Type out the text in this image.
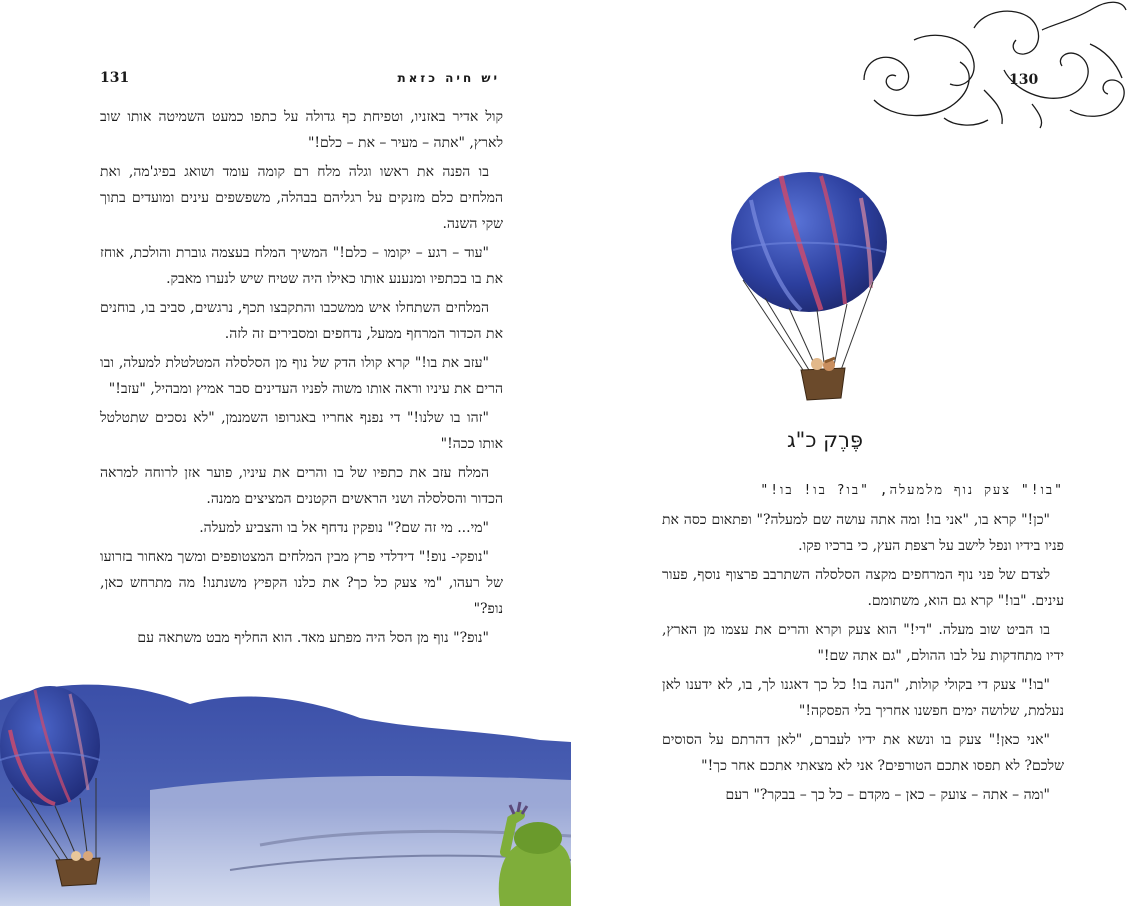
131	יש חיה כזאת

קול אדיר באזניו, וטפיחת כף גדולה על כתפו כמעט השמיטה אותו שוב לארץ, "אתה – מעיר – את – כלם!"

בו הפנה את ראשו וגלה מלח רם קומה עומד ושואג בפיג'מה, ואת המלחים כלם מזנקים על רגליהם בבהלה, משפשפים עינים ומועדים בתוך שקי השנה.

"עוד – רגע – יקומו – כלם!" המשיך המלח בעצמה גוברת והולכת, אוחז את בו בכתפיו ומנענע אותו כאילו היה שטיח שיש לנערו מאבק.

המלחים השתחלו איש ממשכבו והתקבצו תכף, נרגשים, סביב בו, בוחנים את הכדור המרחף ממעל, נדחפים ומסבירים זה לזה.

"עזב את בו!" קרא קולו הדק של נוף מן הסלסלה המטלטלת למעלה, ובו הרים את עיניו וראה אותו משוה לפניו העדינים סבר אמיץ ומבהיל, "עזב!"

"זהו בו שלנו!" די נפנף אחריו באגרופו השמנמן, "לא נסכים שתטלטל אותו ככה!"

המלח עזב את כתפיו של בו והרים את עיניו, פוער אזן לרוחה למראה הכדור והסלסלה ושני הראשים הקטנים המציצים ממנה.

"מי... מי זה שם?" נופקין נדחף אל בו והצביע למעלה.

"נופקי- נופ!" דידלדי פרץ מבין המלחים המצטופפים ומשך מאחור בזרועו של רעהו, "מי צעק כל כך? את כלנו הקפיץ משנתנו! מה מתרחש כאן, נופ?"

"נופ?" נוף מן הסל היה מפתע מאד. הוא החליף מבט משתאה עם

130
פֶּרֶק כ"ג

"בו!" צעק נוף מלמעלה, "בו? בו! בו!"

"כן!" קרא בו, "אני בו! ומה אתה עושה שם למעלה?" ופתאום כסה את פניו בידיו ונפל לישב על רצפת העץ, כי ברכיו פקו.

לצדם של פני נוף המרחפים מקצה הסלסלה השתרבב פרצוף נוסף, פעור עינים. "בו!" קרא גם הוא, משתומם.

בו הביט שוב מעלה. "די!" הוא צעק וקרא והרים את עצמו מן הארץ, ידיו מתחדקות על לבו ההולם, "גם אתה שם!"

"בו!" צעק די בקולי קולות, "הנה בו! כל כך דאגנו לך, בו, לא ידענו לאן נעלמת, שלושה ימים חפשנו אחריך בלי הפסקה!"

"אני כאן!" צעק בו ונשא את ידיו לעברם, "לאן דהרתם על הסוסים שלכם? לא תפסו אתכם הטורפים? אני לא מצאתי אתכם אחר כך!"

"ומה – אתה – צועק – כאן – מקדם – כל כך – בבקר?" רעם
